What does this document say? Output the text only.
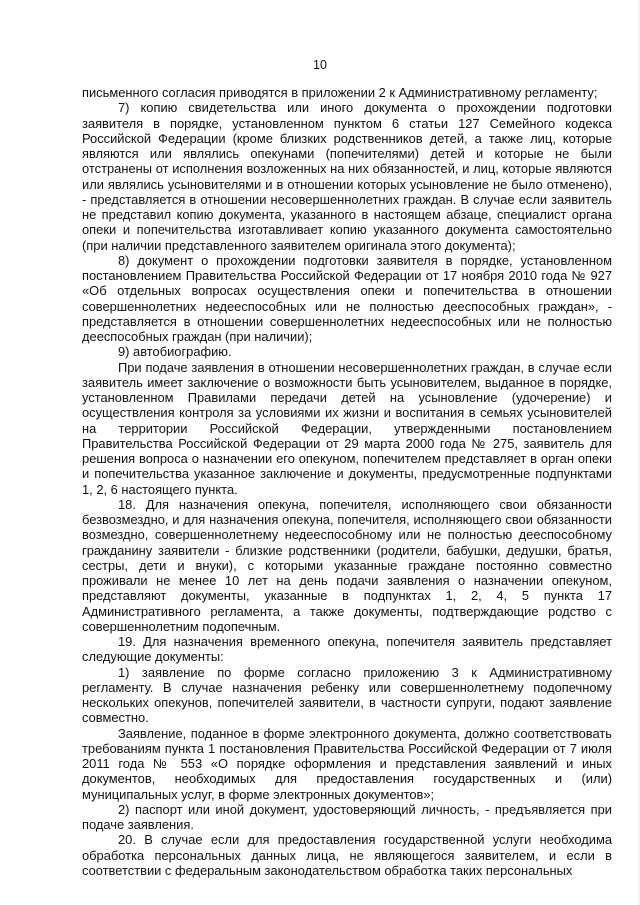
10

письменного согласия приводятся в приложении 2 к Административному регламенту;

7) копию свидетельства или иного документа о прохождении подготовки заявителя в порядке, установленном пунктом 6 статьи 127 Семейного кодекса Российской Федерации (кроме близких родственников детей, а также лиц, которые являются или являлись опекунами (попечителями) детей и которые не были отстранены от исполнения возложенных на них обязанностей, и лиц, которые являются или являлись усыновителями и в отношении которых усыновление не было отменено), - представляется в отношении несовершеннолетних граждан. В случае если заявитель не представил копию документа, указанного в настоящем абзаце, специалист органа опеки и попечительства изготавливает копию указанного документа самостоятельно (при наличии представленного заявителем оригинала этого документа);

8) документ о прохождении подготовки заявителя в порядке, установленном постановлением Правительства Российской Федерации от 17 ноября 2010 года № 927 «Об отдельных вопросах осуществления опеки и попечительства в отношении совершеннолетних недееспособных или не полностью дееспособных граждан», - представляется в отношении совершеннолетних недееспособных или не полностью дееспособных граждан (при наличии);

9) автобиографию.

При подаче заявления в отношении несовершеннолетних граждан, в случае если заявитель имеет заключение о возможности быть усыновителем, выданное в порядке, установленном Правилами передачи детей на усыновление (удочерение) и осуществления контроля за условиями их жизни и воспитания в семьях усыновителей на территории Российской Федерации, утвержденными постановлением Правительства Российской Федерации от 29 марта 2000 года № 275, заявитель для решения вопроса о назначении его опекуном, попечителем представляет в орган опеки и попечительства указанное заключение и документы, предусмотренные подпунктами 1, 2, 6 настоящего пункта.

18. Для назначения опекуна, попечителя, исполняющего свои обязанности безвозмездно, и для назначения опекуна, попечителя, исполняющего свои обязанности возмездно, совершеннолетнему недееспособному или не полностью дееспособному гражданину заявители - близкие родственники (родители, бабушки, дедушки, братья, сестры, дети и внуки), с которыми указанные граждане постоянно совместно проживали не менее 10 лет на день подачи заявления о назначении опекуном, представляют документы, указанные в подпунктах 1, 2, 4, 5 пункта 17 Административного регламента, а также документы, подтверждающие родство с совершеннолетним подопечным.

19. Для назначения временного опекуна, попечителя заявитель представляет следующие документы:

1) заявление по форме согласно приложению 3 к Административному регламенту. В случае назначения ребенку или совершеннолетнему подопечному нескольких опекунов, попечителей заявители, в частности супруги, подают заявление совместно.

Заявление, поданное в форме электронного документа, должно соответствовать требованиям пункта 1 постановления Правительства Российской Федерации от 7 июля 2011 года № 553 «О порядке оформления и представления заявлений и иных документов, необходимых для предоставления государственных и (или) муниципальных услуг, в форме электронных документов»;

2) паспорт или иной документ, удостоверяющий личность, - предъявляется при подаче заявления.

20. В случае если для предоставления государственной услуги необходима обработка персональных данных лица, не являющегося заявителем, и если в соответствии с федеральным законодательством обработка таких персональных
